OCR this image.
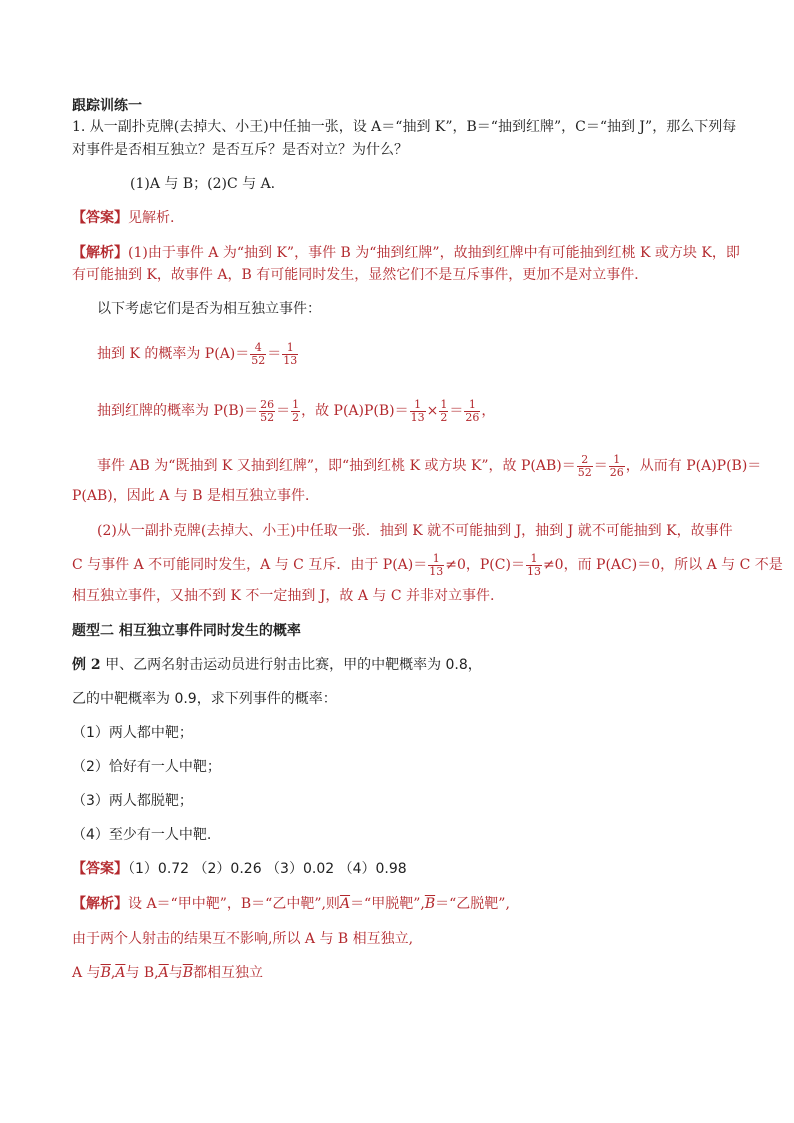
跟踪训练一
1. 从一副扑克牌(去掉大、小王)中任抽一张，设 A＝“抽到 K”，B＝“抽到红牌”，C＝“抽到 J”，那么下列每
对事件是否相互独立？是否互斥？是否对立？为什么？
(1)A 与 B；(2)C 与 A.
【答案】见解析.
【解析】(1)由于事件 A 为“抽到 K”，事件 B 为“抽到红牌”，故抽到红牌中有可能抽到红桃 K 或方块 K，即
有可能抽到 K，故事件 A，B 有可能同时发生，显然它们不是互斥事件，更加不是对立事件．
以下考虑它们是否为相互独立事件：
抽到 K 的概率为 $P(A)= \frac{4}{52} = \frac{1}{13}$
抽到红牌的概率为 $P(B)= \frac{26}{52} = \frac{1}{2}$ ，故 $P(A)P(B)= \frac{1}{13} \times \frac{1}{2} = \frac{1}{26}$ ，
事件 AB 为“既抽到 K 又抽到红牌”，即“抽到红桃 K 或方块 K”，故 $P(AB)= \frac{2}{52} = \frac{1}{26}$ ，从而有 P(A)P(B)＝
P(AB)，因此 A 与 B 是相互独立事件．
(2)从一副扑克牌(去掉大、小王)中任取一张．抽到 K 就不可能抽到 J，抽到 J 就不可能抽到 K，故事件
C 与事件 A 不可能同时发生，A 与 C 互斥．由于 $P(A)= \frac{1}{13} \ne 0$，$P(C)= \frac{1}{13} \ne 0$，而 P(AC)＝0，所以 A 与 C 不是
相互独立事件，又抽不到 K 不一定抽到 J，故 A 与 C 并非对立事件.
题型二 相互独立事件同时发生的概率
例 2 甲、乙两名射击运动员进行射击比赛，甲的中靶概率为 0.8，
乙的中靶概率为 0.9，求下列事件的概率：
（1）两人都中靶；
（2）恰好有一人中靶；
（3）两人都脱靶；
（4）至少有一人中靶.
【答案】（1）0.72 （2）0.26 （3）0.02 （4）0.98
【解析】设 A＝“甲中靶”，B＝“乙中靶”,则$\overline{A}=“$甲脱靶$”,\overline{B}=“$乙脱靶”,
由于两个人射击的结果互不影响,所以 A 与 B 相互独立,
A 与$\overline{B},\overline{A}$与 $B,\overline{A}$与$\overline{B}$都相互独立
